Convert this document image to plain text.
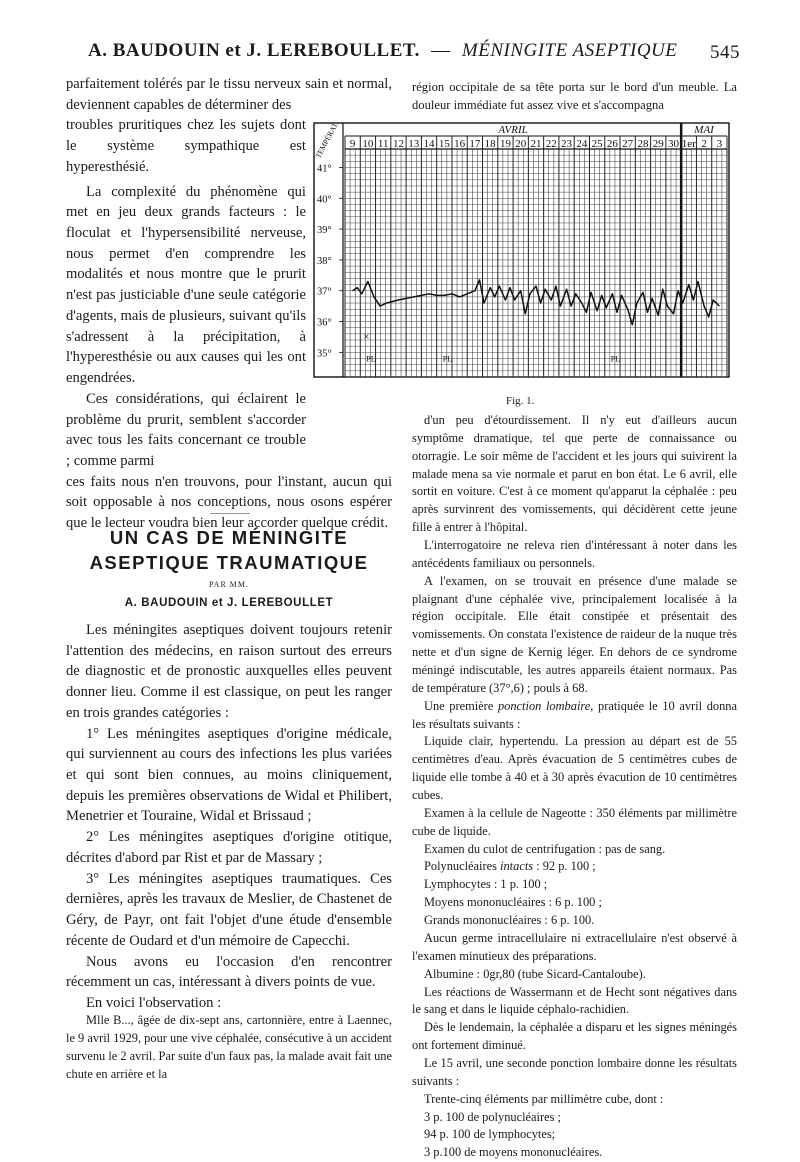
A. BAUDOUIN et J. LEREBOULLET. — MÉNINGITE ASEPTIQUE 545

parfaitement tolérés par le tissu nerveux sain et normal, deviennent capables de déterminer des

troubles pruritiques chez les sujets dont le système sympathique est hyperesthésié.

La complexité du phénomène qui met en jeu deux grands facteurs : le floculat et l'hypersensibilité nerveuse, nous permet d'en comprendre les modalités et nous montre que le prurit n'est pas justiciable d'une seule catégorie d'agents, mais de plusieurs, suivant qu'ils s'adressent à la précipitation, à l'hyperesthésie ou aux causes qui les ont engendrées.

Ces considérations, qui éclairent le problème du prurit, semblent s'accorder avec tous les faits concernant ce trouble ; comme parmi

ces faits nous n'en trouvons, pour l'instant, aucun qui soit opposable à nos conceptions, nous osons espérer que le lecteur voudra bien leur accorder quelque crédit.

région occipitale de sa tête porta sur le bord d'un meuble. La douleur immédiate fut assez vive et s'accompagna
AVRIL	MAI
9 10 11 12 13 14 15 16 17 18 19 20 21 22 23 24 25 26 27 28 29 30 1er 2 3
TEMPÉRAT.
41°
40°
39°
38°
37°
36°
35°
×
PL	PL	PL
Fig. 1.
UN CAS DE MÉNINGITE
ASEPTIQUE TRAUMATIQUE
PAR MM.
A. BAUDOUIN et J. LEREBOULLET

Les méningites aseptiques doivent toujours retenir l'attention des médecins, en raison surtout des erreurs de diagnostic et de pronostic auxquelles elles peuvent donner lieu. Comme il est classique, on peut les ranger en trois grandes catégories :

1° Les méningites aseptiques d'origine médicale, qui surviennent au cours des infections les plus variées et qui sont bien connues, au moins cliniquement, depuis les premières observations de Widal et Philibert, Menetrier et Touraine, Widal et Brissaud ;

2° Les méningites aseptiques d'origine otitique, décrites d'abord par Rist et par de Massary ;

3° Les méningites aseptiques traumatiques. Ces dernières, après les travaux de Meslier, de Chastenet de Géry, de Payr, ont fait l'objet d'une étude d'ensemble récente de Oudard et d'un mémoire de Capecchi.

Nous avons eu l'occasion d'en rencontrer récemment un cas, intéressant à divers points de vue.

En voici l'observation :

Mlle B..., âgée de dix-sept ans, cartonnière, entre à Laennec, le 9 avril 1929, pour une vive céphalée, consécutive à un accident survenu le 2 avril. Par suite d'un faux pas, la malade avait fait une chute en arrière et la

d'un peu d'étourdissement. Il n'y eut d'ailleurs aucun symptôme dramatique, tel que perte de connaissance ou otorragie. Le soir même de l'accident et les jours qui suivirent la malade mena sa vie normale et parut en bon état. Le 6 avril, elle sortit en voiture. C'est à ce moment qu'apparut la céphalée : peu après survinrent des vomissements, qui décidèrent cette jeune fille à entrer à l'hôpital.

L'interrogatoire ne releva rien d'intéressant à noter dans les antécédents familiaux ou personnels.

A l'examen, on se trouvait en présence d'une malade se plaignant d'une céphalée vive, principalement localisée à la région occipitale. Elle était constipée et présentait des vomissements. On constata l'existence de raideur de la nuque très nette et d'un signe de Kernig léger. En dehors de ce syndrome méningé indiscutable, les autres appareils étaient normaux. Pas de température (37°,6) ; pouls à 68.

Une première ponction lombaire, pratiquée le 10 avril donna les résultats suivants :

Liquide clair, hypertendu. La pression au départ est de 55 centimètres d'eau. Après évacuation de 5 centimètres cubes de liquide elle tombe à 40 et à 30 après évacution de 10 centimètres cubes.

Examen à la cellule de Nageotte : 350 éléments par millimètre cube de liquide.

Examen du culot de centrifugation : pas de sang.

Polynucléaires intacts : 92 p. 100 ;

Lymphocytes : 1 p. 100 ;

Moyens mononucléaires : 6 p. 100 ;

Grands mononucléaires : 6 p. 100.

Aucun germe intracellulaire ni extracellulaire n'est observé à l'examen minutieux des préparations.

Albumine : 0gr,80 (tube Sicard-Cantaloube).

Les réactions de Wassermann et de Hecht sont négatives dans le sang et dans le liquide céphalo-rachidien.

Dès le lendemain, la céphalée a disparu et les signes méningés ont fortement diminué.

Le 15 avril, une seconde ponction lombaire donne les résultats suivants :

Trente-cinq éléments par millimètre cube, dont :

3 p. 100 de polynucléaires ;

94 p. 100 de lymphocytes;

3 p.100 de moyens mononucléaires.
